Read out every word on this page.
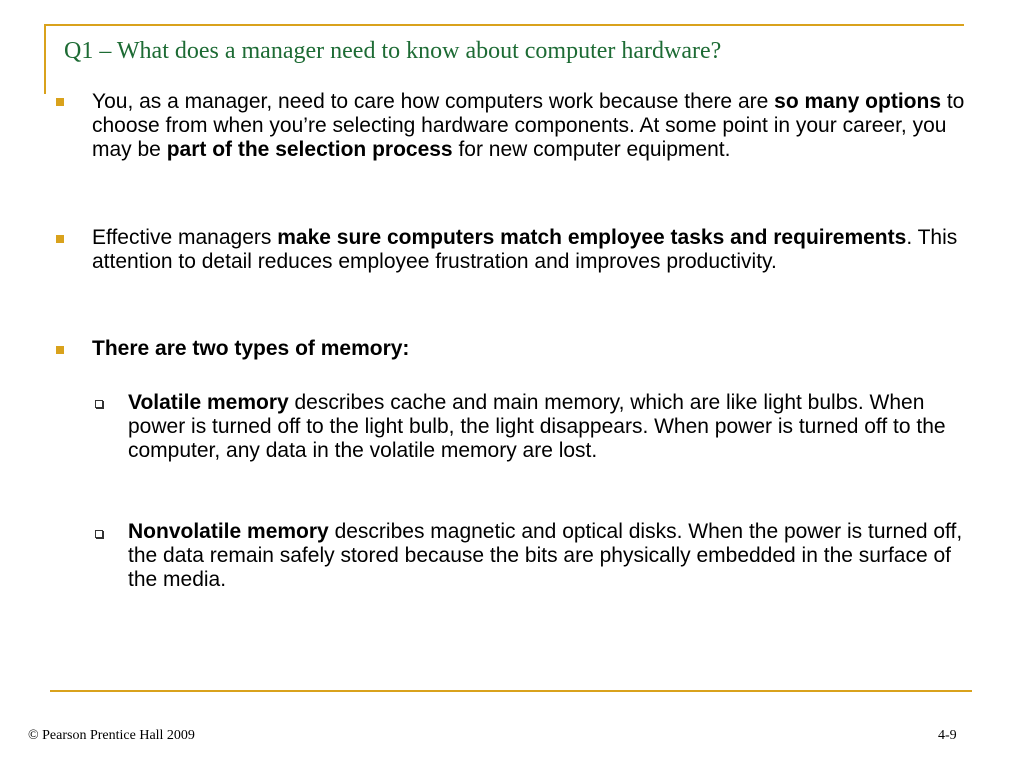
Q1 – What does a manager need to know about computer hardware?

You, as a manager, need to care how computers work because there are so many options to choose from when you’re selecting hardware components. At some point in your career, you may be part of the selection process for new computer equipment.

Effective managers make sure computers match employee tasks and requirements. This attention to detail reduces employee frustration and improves productivity.

There are two types of memory:

Volatile memory describes cache and main memory, which are like light bulbs. When power is turned off to the light bulb, the light disappears. When power is turned off to the computer, any data in the volatile memory are lost.

Nonvolatile memory describes magnetic and optical disks. When the power is turned off, the data remain safely stored because the bits are physically embedded in the surface of the media.

© Pearson Prentice Hall 2009	4-9
